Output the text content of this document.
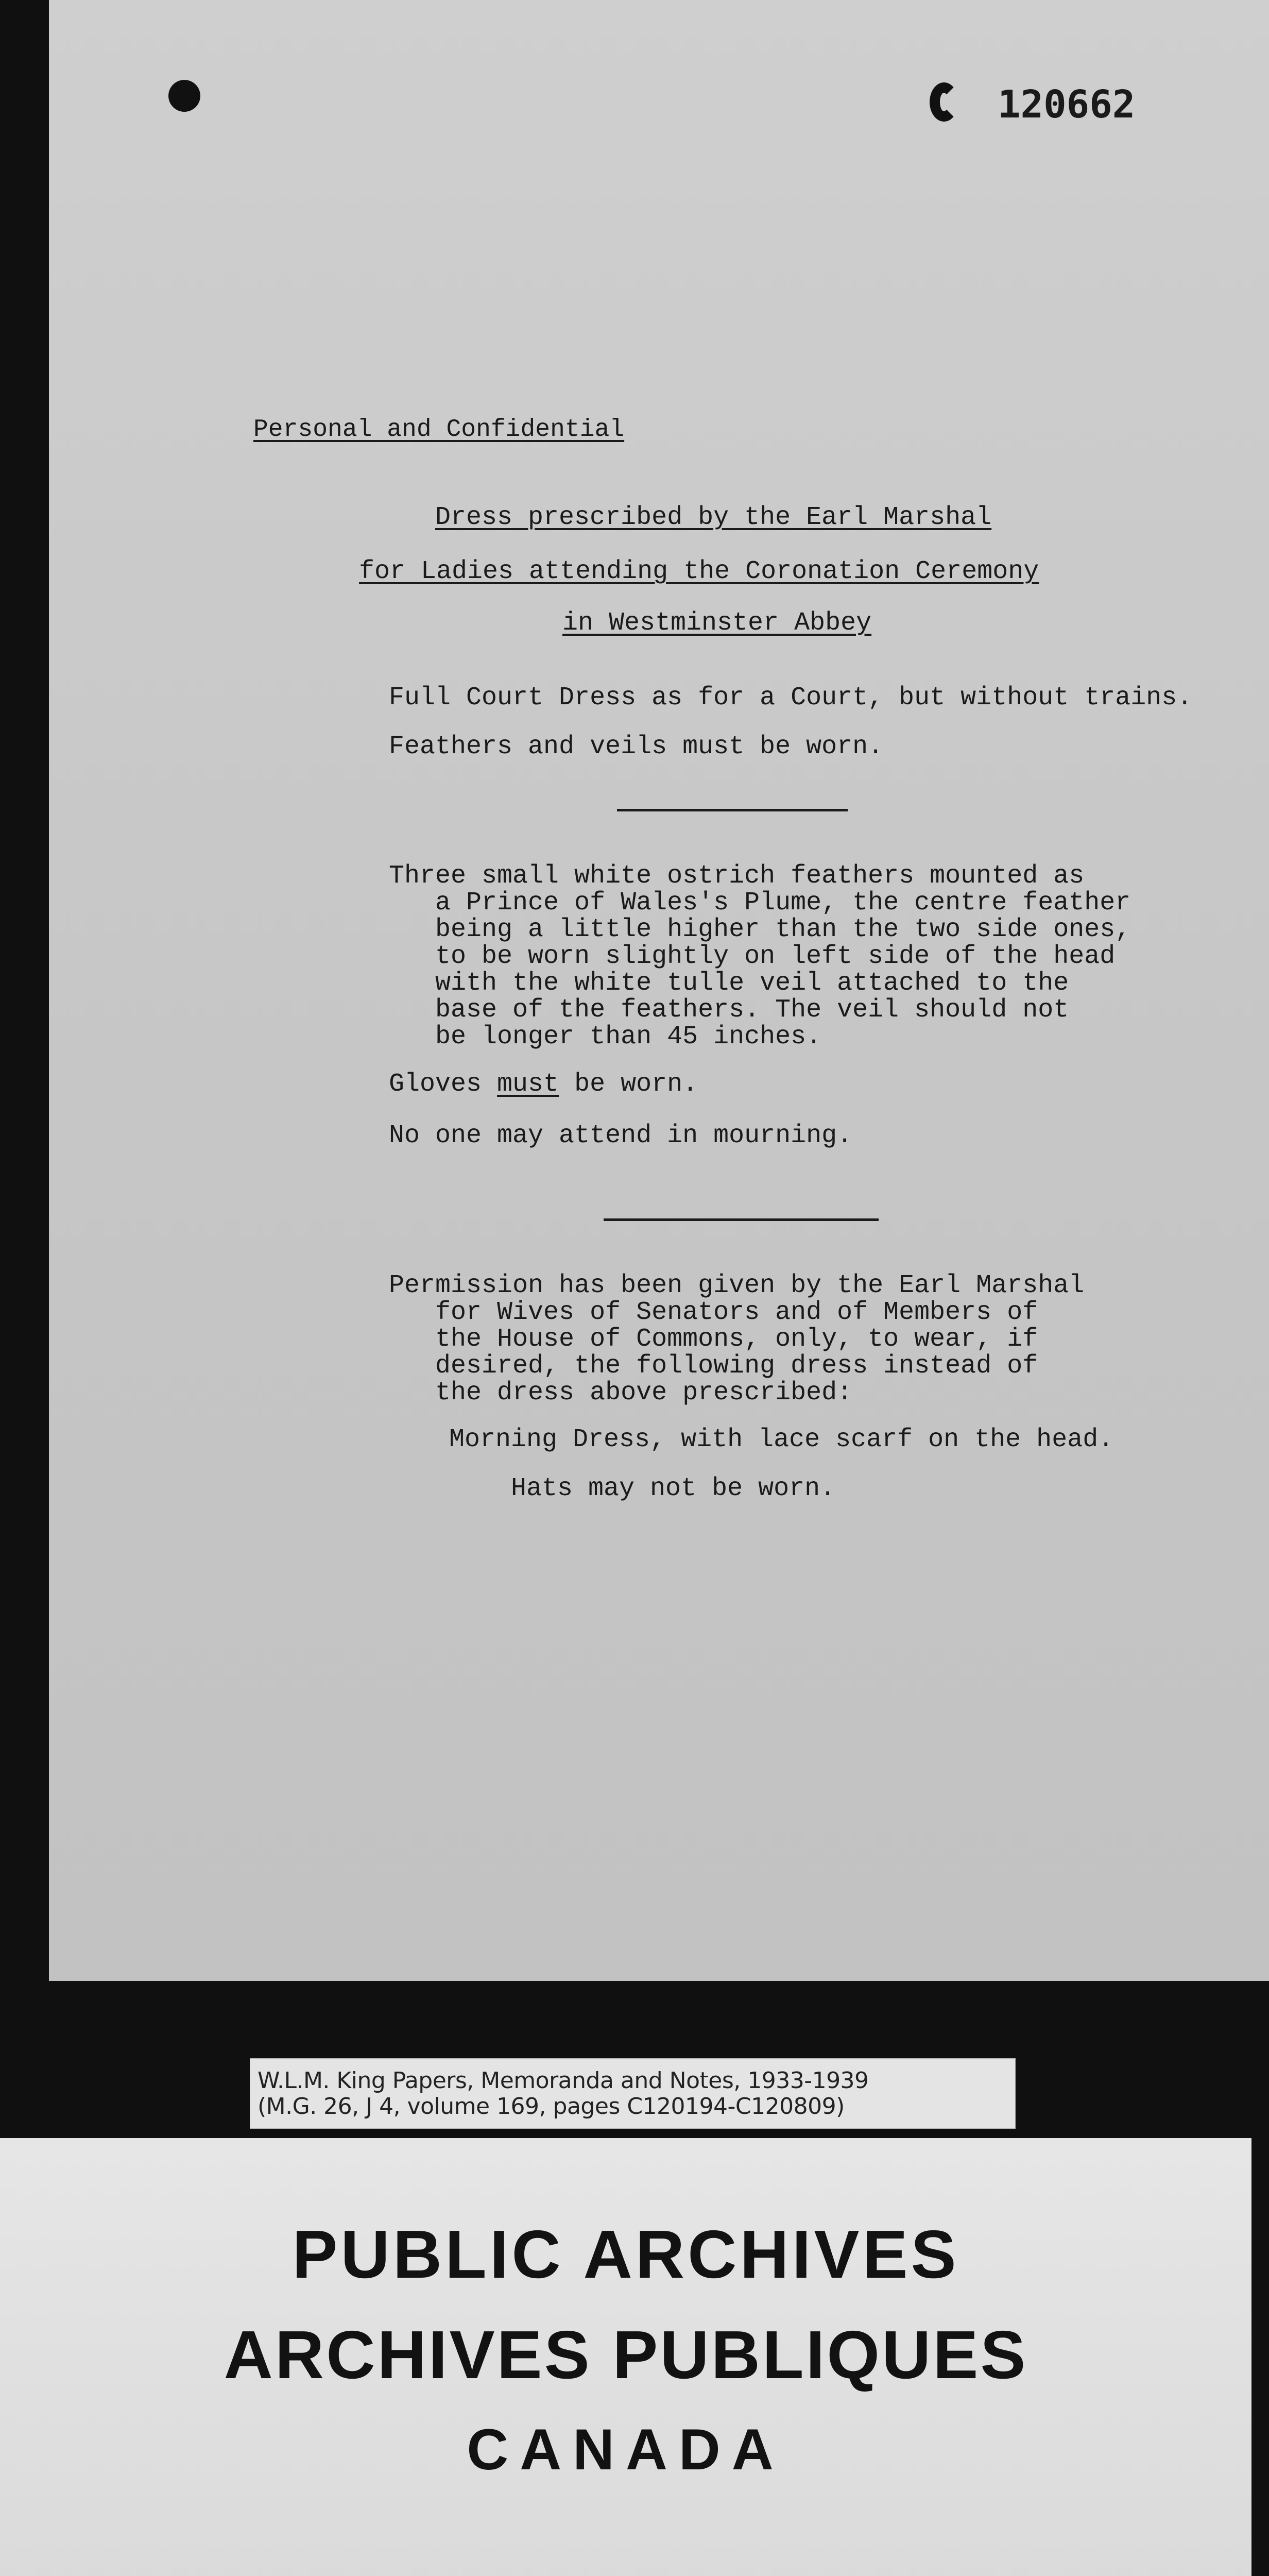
120662
Personal and Confidential
Dress prescribed by the Earl Marshal
for Ladies attending the Coronation Ceremony
in Westminster Abbey
Full Court Dress as for a Court, but without trains.
Feathers and veils must be worn.
Three small white ostrich feathers mounted as
a Prince of Wales's Plume, the centre feather
being a little higher than the two side ones,
to be worn slightly on left side of the head
with the white tulle veil attached to the
base of the feathers. The veil should not
be longer than 45 inches.
Gloves must be worn.
No one may attend in mourning.
Permission has been given by the Earl Marshal
for Wives of Senators and of Members of
the House of Commons, only, to wear, if
desired, the following dress instead of
the dress above prescribed:
Morning Dress, with lace scarf on the head.
Hats may not be worn.
W.L.M. King Papers, Memoranda and Notes, 1933-1939
(M.G. 26, J 4, volume 169, pages C120194-C120809)
PUBLIC ARCHIVES
ARCHIVES PUBLIQUES
CANADA
